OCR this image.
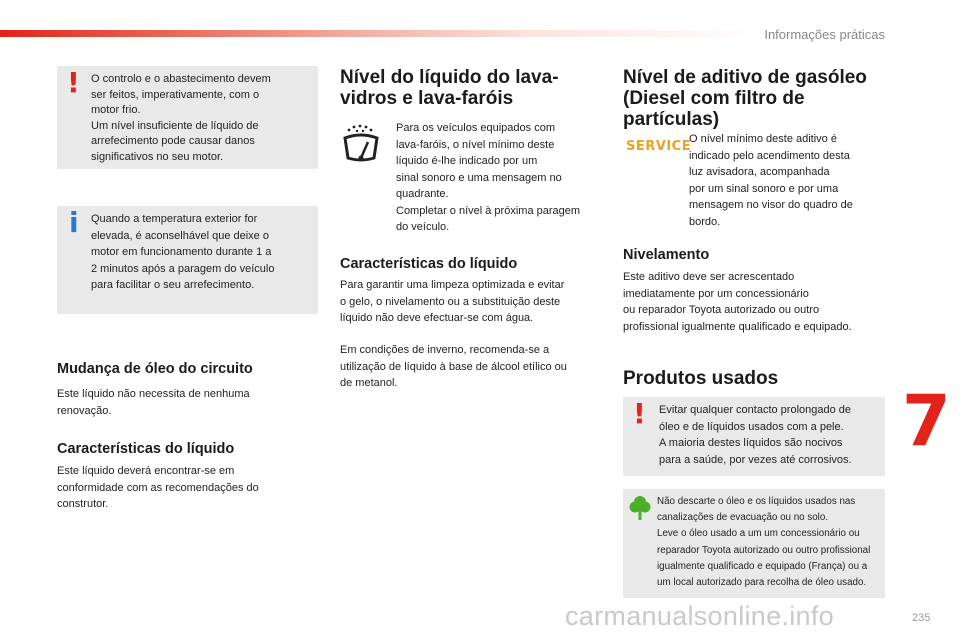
Informações práticas
! O controlo e o abastecimento devem
ser feitos, imperativamente, com o
motor frio.
Um nível insuficiente de líquido de
arrefecimento pode causar danos
significativos no seu motor.
i Quando a temperatura exterior for
elevada, é aconselhável que deixe o
motor em funcionamento durante 1 a
2 minutos após a paragem do veículo
para facilitar o seu arrefecimento.
Mudança de óleo do circuito
Este líquido não necessita de nenhuma
renovação.
Características do líquido
Este líquido deverá encontrar-se em
conformidade com as recomendações do
construtor.
Nível do líquido do lava-
vidros e lava-faróis
Para os veículos equipados com
lava-faróis, o nível mínimo deste
líquido é-lhe indicado por um
sinal sonoro e uma mensagem no
quadrante.
Completar o nível à próxima paragem
do veículo.
Características do líquido
Para garantir uma limpeza optimizada e evitar
o gelo, o nivelamento ou a substituição deste
líquido não deve efectuar-se com água.
Em condições de inverno, recomenda-se a
utilização de líquido à base de álcool etílico ou
de metanol.
Nível de aditivo de gasóleo
(Diesel com filtro de
partículas)
SERVICE
O nível mínimo deste aditivo é
indicado pelo acendimento desta
luz avisadora, acompanhada
por um sinal sonoro e por uma
mensagem no visor do quadro de
bordo.
Nivelamento
Este aditivo deve ser acrescentado
imediatamente por um concessionário
ou reparador Toyota autorizado ou outro
profissional igualmente qualificado e equipado.
Produtos usados
! Evitar qualquer contacto prolongado de
óleo e de líquidos usados com a pele.
A maioria destes líquidos são nocivos
para a saúde, por vezes até corrosivos.
Não descarte o óleo e os líquidos usados nas
canalizações de evacuação ou no solo.
Leve o óleo usado a um um concessionário ou
reparador Toyota autorizado ou outro profissional
igualmente qualificado e equipado (França) ou a
um local autorizado para recolha de óleo usado.
7
carmanualsonline.info	235
